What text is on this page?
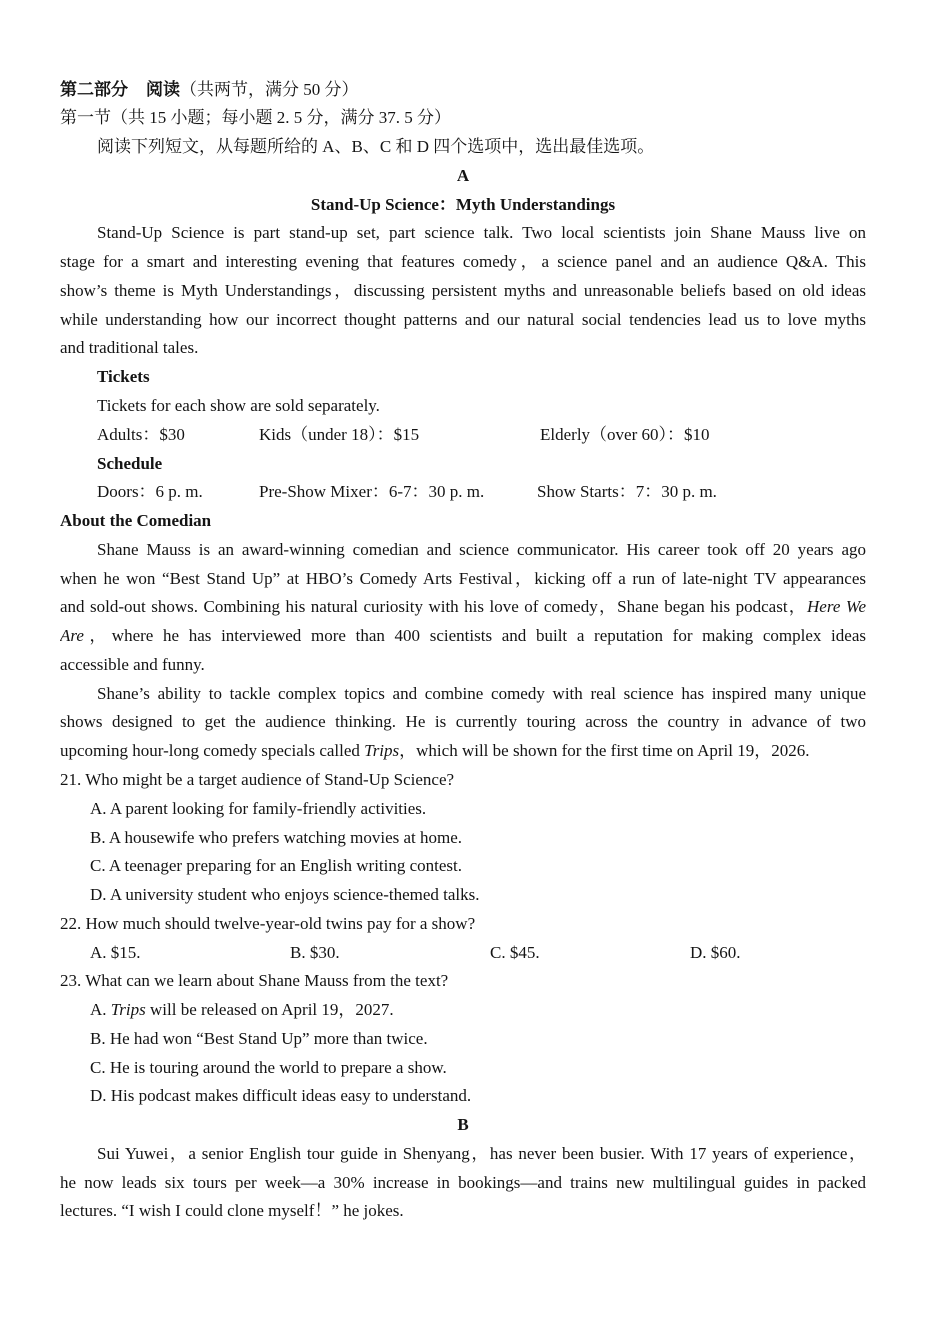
第二部分 阅读（共两节，满分 50 分）
第一节（共 15 小题；每小题 2. 5 分，满分 37. 5 分）
阅读下列短文，从每题所给的 A、B、C 和 D 四个选项中，选出最佳选项。
A
Stand-Up Science：Myth Understandings
Stand-Up Science is part stand-up set, part science talk. Two local scientists join Shane Mauss live on
stage for a smart and interesting evening that features comedy，a science panel and an audience Q&A. This
show’s theme is Myth Understandings，discussing persistent myths and unreasonable beliefs based on old ideas
while understanding how our incorrect thought patterns and our natural social tendencies lead us to love myths
and traditional tales.
Tickets
Tickets for each show are sold separately.
Adults：$30	Kids（under 18）：$15	Elderly（over 60）：$10
Schedule
Doors：6 p. m.	Pre-Show Mixer：6-7：30 p. m.	Show Starts：7：30 p. m.
About the Comedian
Shane Mauss is an award-winning comedian and science communicator. His career took off 20 years ago
when he won “Best Stand Up” at HBO’s Comedy Arts Festival，kicking off a run of late-night TV appearances
and sold-out shows. Combining his natural curiosity with his love of comedy，Shane began his podcast，Here We
Are，where he has interviewed more than 400 scientists and built a reputation for making complex ideas
accessible and funny.
Shane’s ability to tackle complex topics and combine comedy with real science has inspired many unique
shows designed to get the audience thinking. He is currently touring across the country in advance of two
upcoming hour-long comedy specials called Trips，which will be shown for the first time on April 19，2026.
21. Who might be a target audience of Stand-Up Science?
A. A parent looking for family-friendly activities.
B. A housewife who prefers watching movies at home.
C. A teenager preparing for an English writing contest.
D. A university student who enjoys science-themed talks.
22. How much should twelve-year-old twins pay for a show?
A. $15.	B. $30.	C. $45.	D. $60.
23. What can we learn about Shane Mauss from the text?
A. Trips will be released on April 19，2027.
B. He had won “Best Stand Up” more than twice.
C. He is touring around the world to prepare a show.
D. His podcast makes difficult ideas easy to understand.
B
Sui Yuwei，a senior English tour guide in Shenyang，has never been busier. With 17 years of experience，
he now leads six tours per week—a 30% increase in bookings—and trains new multilingual guides in packed
lectures. “I wish I could clone myself！” he jokes.
